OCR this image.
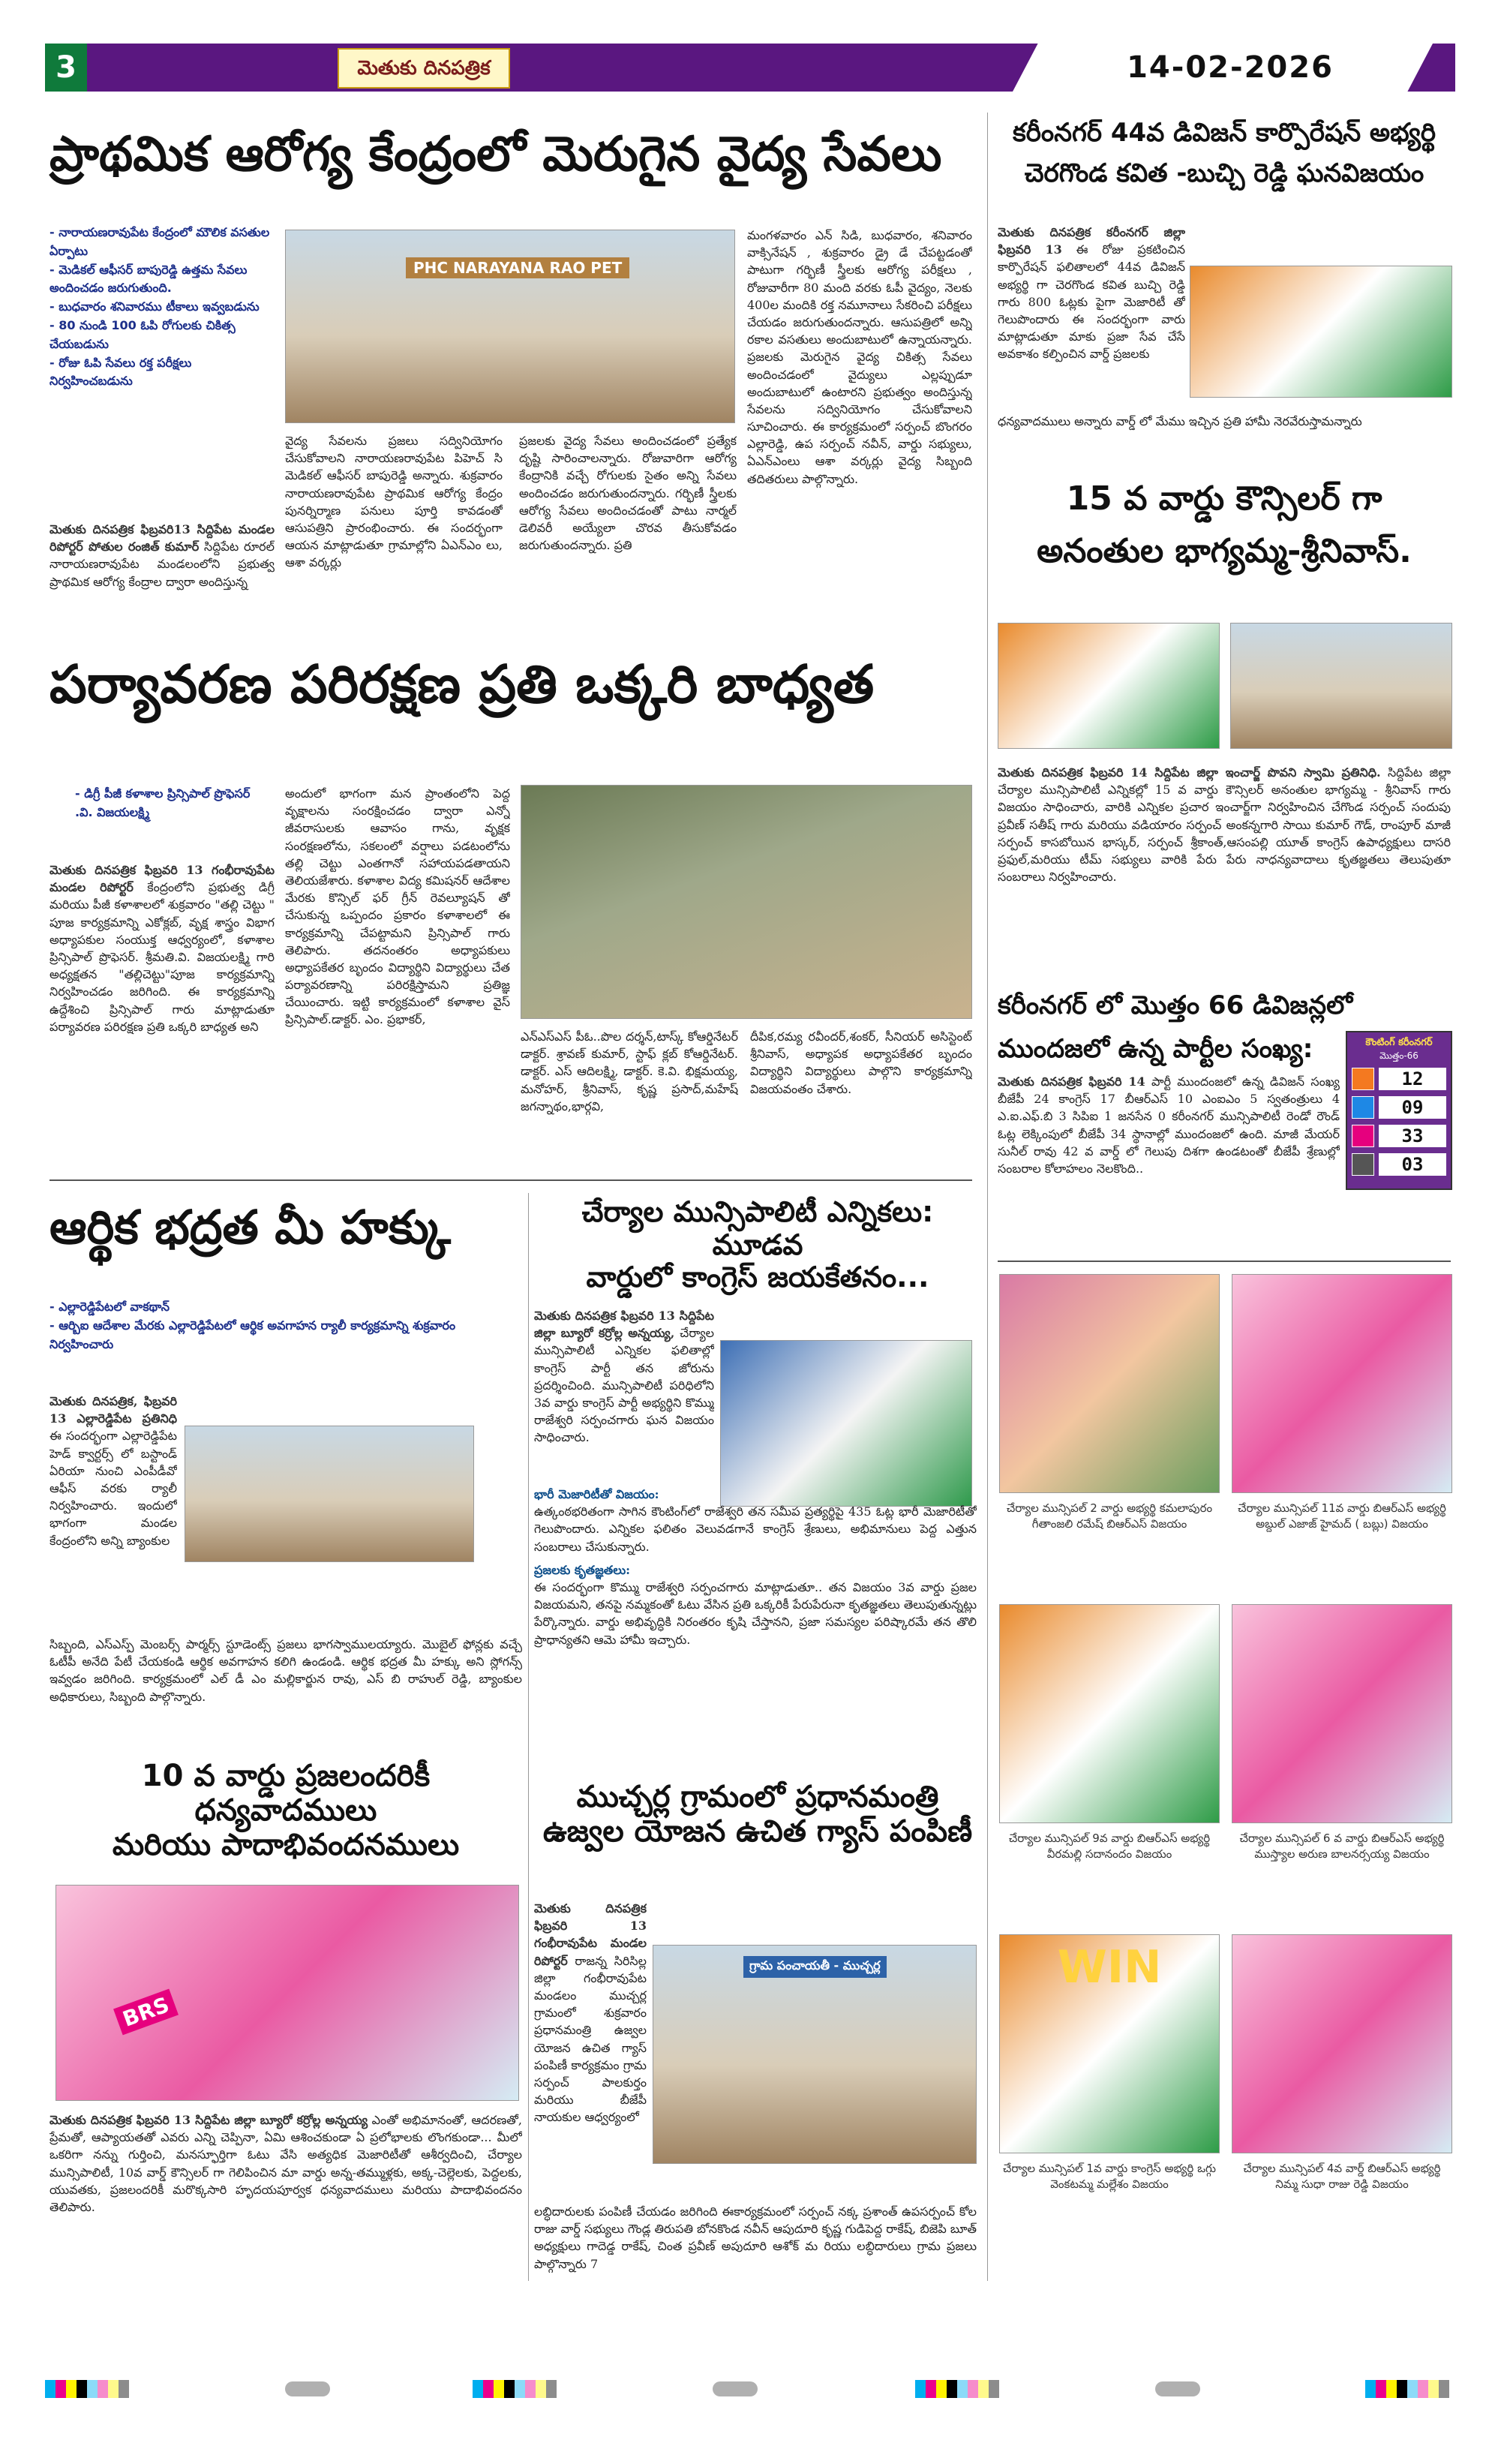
3	మెతుకు దినపత్రిక	14-02-2026
ప్రాథమిక ఆరోగ్య కేంద్రంలో మెరుగైన వైద్య సేవలు
- నారాయణరావుపేట కేంద్రంలో మౌలిక వసతుల ఏర్పాటు
- మెడికల్ ఆఫీసర్ బాపురెడ్డి ఉత్తమ సేవలు అందించడం జరుగుతుంది.
- బుధవారం శనివారము టీకాలు ఇవ్వబడును
- 80 నుండి 100 ఓపి రోగులకు చికిత్స చేయబడును
- రోజు ఓపి సేవలు రక్త పరీక్షలు నిర్వహించబడును
మెతుకు దినపత్రిక ఫిబ్రవరి13 సిద్దిపేట మండల రిపోర్టర్ పోతుల రంజిత్ కుమార్ సిద్దిపేట రూరల్ నారాయణరావుపేట మండలంలోని ప్రభుత్వ ప్రాథమిక ఆరోగ్య కేంద్రాల ద్వారా అందిస్తున్న
PHC NARAYANA RAO PET
వైద్య సేవలను ప్రజలు సద్వినియోగం చేసుకోవాలని నారాయణరావుపేట పిహెచ్ సి మెడికల్ ఆఫీసర్ బాపురెడ్డి అన్నారు. శుక్రవారం నారాయణరావుపేట ప్రాథమిక ఆరోగ్య కేంద్రం పునర్నిర్మాణ పనులు పూర్తి కావడంతో ఆసుపత్రిని ప్రారంభించారు. ఈ సందర్భంగా ఆయన మాట్లాడుతూ గ్రామాల్లోని ఏఎన్ఎం లు, ఆశా వర్కర్లు
ప్రజలకు వైద్య సేవలు అందించడంలో ప్రత్యేక దృష్టి సారించాలన్నారు. రోజువారిగా ఆరోగ్య కేంద్రానికి వచ్చే రోగులకు సైతం అన్ని సేవలు అందించడం జరుగుతుందన్నారు. గర్భిణీ స్త్రీలకు ఆరోగ్య సేవలు అందించడంతో పాటు నార్మల్ డెలివరీ అయ్యేలా చొరవ తీసుకోవడం జరుగుతుందన్నారు. ప్రతి
మంగళవారం ఎన్ సిడి, బుధవారం, శనివారం వాక్సినేషన్ , శుక్రవారం డ్రై డే చేపట్టడంతో పాటుగా గర్భిణీ స్త్రీలకు ఆరోగ్య పరీక్షలు , రోజువారీగా 80 మంది వరకు ఓపీ వైద్యం, నెలకు 400ల మందికి రక్త నమూనాలు సేకరించి పరీక్షలు చేయడం జరుగుతుందన్నారు. ఆసుపత్రిలో అన్ని రకాల వసతులు అందుబాటులో ఉన్నాయన్నారు. ప్రజలకు మెరుగైన వైద్య చికిత్స సేవలు అందించడంలో వైద్యులు ఎల్లప్పుడూ అందుబాటులో ఉంటారని ప్రభుత్వం అందిస్తున్న సేవలను సద్వినియోగం చేసుకోవాలని సూచించారు. ఈ కార్యక్రమంలో సర్పంచ్ బొంగరం ఎల్లారెడ్డి, ఉప సర్పంచ్ నవీన్, వార్డు సభ్యులు, ఏఎన్ఎంలు ఆశా వర్కర్లు వైద్య సిబ్బంది తదితరులు పాల్గొన్నారు.
పర్యావరణ పరిరక్షణ ప్రతి ఒక్కరి బాధ్యత
- డిగ్రీ పీజీ కళాశాల ప్రిన్సిపాల్ ప్రొఫెసర్ .వి. విజయలక్ష్మి
మెతుకు దినపత్రిక ఫిబ్రవరి 13 గంభీరావుపేట మండల రిపోర్టర్ కేంద్రంలోని ప్రభుత్వ డిగ్రీ మరియు పీజీ కళాశాలలో శుక్రవారం "తల్లి చెట్టు " పూజ కార్యక్రమాన్ని ఎకోక్లబ్, వృక్ష శాస్త్రం విభాగ అధ్యాపకుల సంయుక్త ఆధ్వర్యంలో, కళాశాల ప్రిన్సిపాల్ ప్రొఫెసర్. శ్రీమతి.వి. విజయలక్ష్మి గారి అధ్యక్షతన "తల్లిచెట్టు"పూజ కార్యక్రమాన్ని నిర్వహించడం జరిగింది. ఈ కార్యక్రమాన్ని ఉద్దేశించి ప్రిన్సిపాల్ గారు మాట్లాడుతూ పర్యావరణ పరిరక్షణ ప్రతి ఒక్కరి బాధ్యత అని
అందులో భాగంగా మన ప్రాంతంలోని పెద్ద వృక్షాలను సంరక్షించడం ద్వారా ఎన్నో జీవరాసులకు ఆవాసం గాను, వృక్షక సంరక్షణలోను, సకలంలో వర్షాలు పడటంలోను తల్లి చెట్టు ఎంతగానో సహాయపడతాయని తెలియజేశారు. కళాశాల విద్య కమిషనర్ ఆదేశాల మేరకు కొన్సిల్ ఫర్ గ్రీన్ రెవల్యూషన్ తో చేసుకున్న ఒప్పందం ప్రకారం కళాశాలలో ఈ కార్యక్రమాన్ని చేపట్టామని ప్రిన్సిపాల్ గారు తెలిపారు. తదనంతరం అధ్యాపకులు అధ్యాపకేతర బృందం విద్యార్థిని విద్యార్థులు చేత పర్యావరణాన్ని పరిరక్షిస్తామని ప్రతిజ్ఞ చేయించారు. ఇట్టి కార్యక్రమంలో కళాశాల వైస్ ప్రిన్సిపాల్.డాక్టర్. ఎం. ప్రభాకర్,
ఎన్ఎస్ఎస్ పీఓ..పొల దర్శన్,టాస్క్ కోఆర్డినేటర్ డాక్టర్. శ్రావణ్ కుమార్, స్టాఫ్ క్లబ్ కోఆర్డినేటర్. డాక్టర్. ఎస్ ఆదిలక్ష్మి, డాక్టర్. కె.వి. భిక్షమయ్య, మనోహర్, శ్రీనివాస్, కృష్ణ ప్రసాద్,మహేష్ జగన్నాథం,భార్గవి,
దీపిక,రమ్య రవీందర్,శంకర్, సీనియర్ అసిస్టెంట్ శ్రీనివాస్, అధ్యాపక అధ్యాపకేతర బృందం విద్యార్థిని విద్యార్థులు పాల్గొని కార్యక్రమాన్ని విజయవంతం చేశారు.
ఆర్థిక భద్రత మీ హక్కు
- ఎల్లారెడ్డిపేటలో వాకథాన్
- ఆర్బిఐ ఆదేశాల మేరకు ఎల్లారెడ్డిపేటలో ఆర్థిక అవగాహన ర్యాలీ కార్యక్రమాన్ని శుక్రవారం నిర్వహించారు
మెతుకు దినపత్రిక, ఫిబ్రవరి 13 ఎల్లారెడ్డిపేట ప్రతినిధి ఈ సందర్భంగా ఎల్లారెడ్డిపేట హెడ్ క్వార్టర్స్ లో బస్టాండ్ ఏరియా నుంచి ఎంపీడీవో ఆఫీస్ వరకు ర్యాలీ నిర్వహించారు. ఇందులో భాగంగా మండల కేంద్రంలోని అన్ని బ్యాంకుల
సిబ్బంది, ఎస్ఎస్ప్ మెంబర్స్ పార్మర్స్ స్టూడెంట్స్ ప్రజలు భాగస్వాములయ్యారు. మొబైల్ ఫోన్లకు వచ్చే ఓటీపీ అనేది పేటీ చేయకండి ఆర్థిక అవగాహన కలిగి ఉండండి. ఆర్థిక భద్రత మీ హక్కు అని స్లోగన్స్ ఇవ్వడం జరిగింది. కార్యక్రమంలో ఎల్ డీ ఎం మల్లికార్జున రావు, ఎస్ బి రాహుల్ రెడ్డి, బ్యాంకుల అధికారులు, సిబ్బంది పాల్గొన్నారు.
10 వ వార్డు ప్రజలందరికీ ధన్యవాదములు
మరియు పాదాభివందనములు
BRS
మెతుకు దినపత్రిక ఫిబ్రవరి 13 సిద్దిపేట జిల్లా బ్యూరో కర్రోల్ల అన్నయ్య ఎంతో అభిమానంతో, ఆదరణతో, ప్రేమతో, ఆప్యాయతతో ఎవరు ఎన్ని చెప్పినా, ఏమి ఆశించకుండా ఏ ప్రలోభాలకు లొంగకుండా... మీలో ఒకరిగా నన్ను గుర్తించి, మనస్ఫూర్తిగా ఓటు వేసి అత్యధిక మెజారిటీతో ఆశీర్వదించి, చేర్యాల మున్సిపాలిటీ, 10వ వార్డ్ కౌన్సిలర్ గా గెలిపించిన మా వార్డు అన్న-తమ్ముళ్లకు, అక్క-చెల్లెలకు, పెద్దలకు, యువతకు, ప్రజలందరికీ మరొక్కసారి హృదయపూర్వక ధన్యవాదములు మరియు పాదాభివందనం తెలిపారు.
చేర్యాల మున్సిపాలిటీ ఎన్నికలు: మూడవ
వార్డులో కాంగ్రెస్ జయకేతనం...
మెతుకు దినపత్రిక ఫిబ్రవరి 13 సిద్దిపేట జిల్లా బ్యూరో కర్రోల్ల అన్నయ్య, చేర్యాల మున్సిపాలిటీ ఎన్నికల ఫలితాల్లో కాంగ్రెస్ పార్టీ తన జోరును ప్రదర్శించింది. మున్సిపాలిటీ పరిధిలోని 3వ వార్డు కాంగ్రెస్ పార్టీ అభ్యర్థిని కొమ్ము రాజేశ్వరి సర్పంచగారు ఘన విజయం సాధించారు.
భారీ మెజారిటీతో విజయం:
ఉత్కంఠభరితంగా సాగిన కౌంటింగ్‌లో రాజేశ్వరి తన సమీప ప్రత్యర్థిపై 435 ఓట్ల భారీ మెజారిటీతో గెలుపొందారు. ఎన్నికల ఫలితం వెలువడగానే కాంగ్రెస్ శ్రేణులు, అభిమానులు పెద్ద ఎత్తున సంబరాలు చేసుకున్నారు.
ప్రజలకు కృతజ్ఞతలు:
ఈ సందర్భంగా కొమ్ము రాజేశ్వరి సర్పంచగారు మాట్లాడుతూ.. తన విజయం 3వ వార్డు ప్రజల విజయమని, తనపై నమ్మకంతో ఓటు వేసిన ప్రతి ఒక్కరికీ పేరుపేరునా కృతజ్ఞతలు తెలుపుతున్నట్లు పేర్కొన్నారు. వార్డు అభివృద్ధికి నిరంతరం కృషి చేస్తానని, ప్రజా సమస్యల పరిష్కారమే తన తొలి ప్రాధాన్యతని ఆమె హామీ ఇచ్చారు.
ముచ్చర్ల గ్రామంలో ప్రధానమంత్రి
ఉజ్వల యోజన ఉచిత గ్యాస్ పంపిణీ
మెతుకు దినపత్రిక ఫిబ్రవరి 13 గంభీరావుపేట మండల రిపోర్టర్ రాజన్న సిరిసిల్ల జిల్లా గంభీరావుపేట మండలం ముచ్చర్ల గ్రామంలో శుక్రవారం ప్రధానమంత్రి ఉజ్వల యోజన ఉచిత గ్యాస్ పంపిణీ కార్యక్రమం గ్రామ సర్పంచ్ పాలకుర్తం మరియు బీజేపీ నాయకుల ఆధ్వర్యంలో
గ్రామ పంచాయతీ - ముచ్చర్ల
లబ్ధిదారులకు పంపిణీ చేయడం జరిగింది ఈకార్యక్రమంలో సర్పంచ్ నక్క ప్రశాంత్ ఉపసర్పంచ్ కోల రాజు వార్డ్ సభ్యులు గౌండ్ల తిరుపతి బోనకొండ నవీన్ ఆపుదూరి కృష్ణ గుడిపెద్ద రాకేష్, బిజెపి బూత్ అధ్యక్షులు గాదెడ్డ రాకేష్, చింత ప్రవీణ్ అపుదూరి ఆశోక్ మ రియు లబ్ధిదారులు గ్రామ ప్రజలు పాల్గొన్నారు 7
కరీంనగర్ 44వ డివిజన్ కార్పొరేషన్ అభ్యర్థి
చెరగొండ కవిత -బుచ్చి రెడ్డి ఘనవిజయం
మెతుకు దినపత్రిక కరీంనగర్ జిల్లా ఫిబ్రవరి 13 ఈ రోజు ప్రకటించిన కార్పొరేషన్ ఫలితాలలో 44వ డివిజన్ అభ్యర్థి గా చెరగొండ కవిత బుచ్చి రెడ్డి గారు 800 ఓట్లకు పైగా మెజారిటీ తో గెలుపొందారు ఈ సందర్భంగా వారు మాట్లాడుతూ మాకు ప్రజా సేవ చేసే అవకాశం కల్పించిన వార్డ్ ప్రజలకు
ధన్యవాదములు అన్నారు వార్డ్ లో మేము ఇచ్చిన ప్రతి హామీ నెరవేరుస్తామన్నారు
15 వ వార్డు కౌన్సిలర్ గా
అనంతుల భాగ్యమ్మ-శ్రీనివాస్.
మెతుకు దినపత్రిక ఫిబ్రవరి 14 సిద్దిపేట జిల్లా ఇంచార్జ్ పొవని స్వామి ప్రతినిధి. సిద్దిపేట జిల్లా చేర్యాల మున్సిపాలిటీ ఎన్నికల్లో 15 వ వార్డు కౌన్సిలర్ అనంతుల భాగ్యమ్మ - శ్రీనివాస్ గారు విజయం సాధించారు, వారికి ఎన్నికల ప్రచార ఇంచార్జ్‌గా నిర్వహించిన చేగొండ సర్పంచ్ సందుపు ప్రవీణ్ సతీష్ గారు మరియు వడియారం సర్పంచ్ అంకన్నగారి సాయి కుమార్ గౌడ్, రాంపూర్ మాజీ సర్పంచ్ కాసబోయిన భాస్కర్, సర్పంచ్ శ్రీకాంత్,ఆసంపల్లి యూత్ కాంగ్రెస్ ఉపాధ్యక్షులు దాసరి ప్రఫుల్,మరియు టీమ్ సభ్యులు వారికి పేరు పేరు నాధన్యవాదాలు కృతజ్ఞతలు తెలుపుతూ సంబరాలు నిర్వహించారు.
కరీంనగర్ లో మొత్తం 66 డివిజన్లలో
ముందజలో ఉన్న పార్టీల సంఖ్య:
మెతుకు దినపత్రిక ఫిబ్రవరి 14 పార్టీ ముందంజలో ఉన్న డివిజన్ సంఖ్య బీజేపీ 24 కాంగ్రెస్ 17 బీఆర్ఎస్ 10 ఎంఐఎం 5 స్వతంత్రులు 4 ఎ.ఐ.ఎఫ్.బి 3 సిపిఐ 1 జనసేన 0 కరీంనగర్ మున్సిపాలిటీ రెండో రౌండ్ ఓట్ల లెక్కింపులో బీజేపీ 34 స్థానాల్లో ముందంజలో ఉంది. మాజీ మేయర్ సునీల్ రావు 42 వ వార్డ్ లో గెలుపు దిశగా ఉండటంతో బీజేపీ శ్రేణుల్లో సంబరాల కోలాహలం నెలకొంది..
కౌంటింగ్ కరీంనగర్
మొత్తం-66
12
09
33
03
చేర్యాల మున్సిపల్ 2 వార్డు అభ్యర్థి కమలాపురం గీతాంజలి రమేష్ బిఆర్ఎస్ విజయం
చేర్యాల మున్సిపల్ 11వ వార్డు బిఆర్ఎస్ అభ్యర్థి అబ్దుల్ ఎజాజ్ హైమద్ ( బబ్లు) విజయం
చేర్యాల మున్సిపల్ 9వ వార్డు బిఆర్ఎస్ అభ్యర్థి వీరమల్లి సదానందం విజయం
చేర్యాల మున్సిపల్ 6 వ వార్డు బిఆర్ఎస్ అభ్యర్థి ముస్త్యాల అరుణ బాలనర్సయ్య విజయం
WIN
చేర్యాల మున్సిపల్ 1వ వార్డు కాంగ్రెస్ అభ్యర్థి ఒగ్గు వెంకటమ్మ మల్లేశం విజయం
చేర్యాల మున్సిపల్ 4వ వార్డ్ బిఆర్ఎస్ అభ్యర్థి నిమ్మ సుధా రాజు రెడ్డి విజయం
